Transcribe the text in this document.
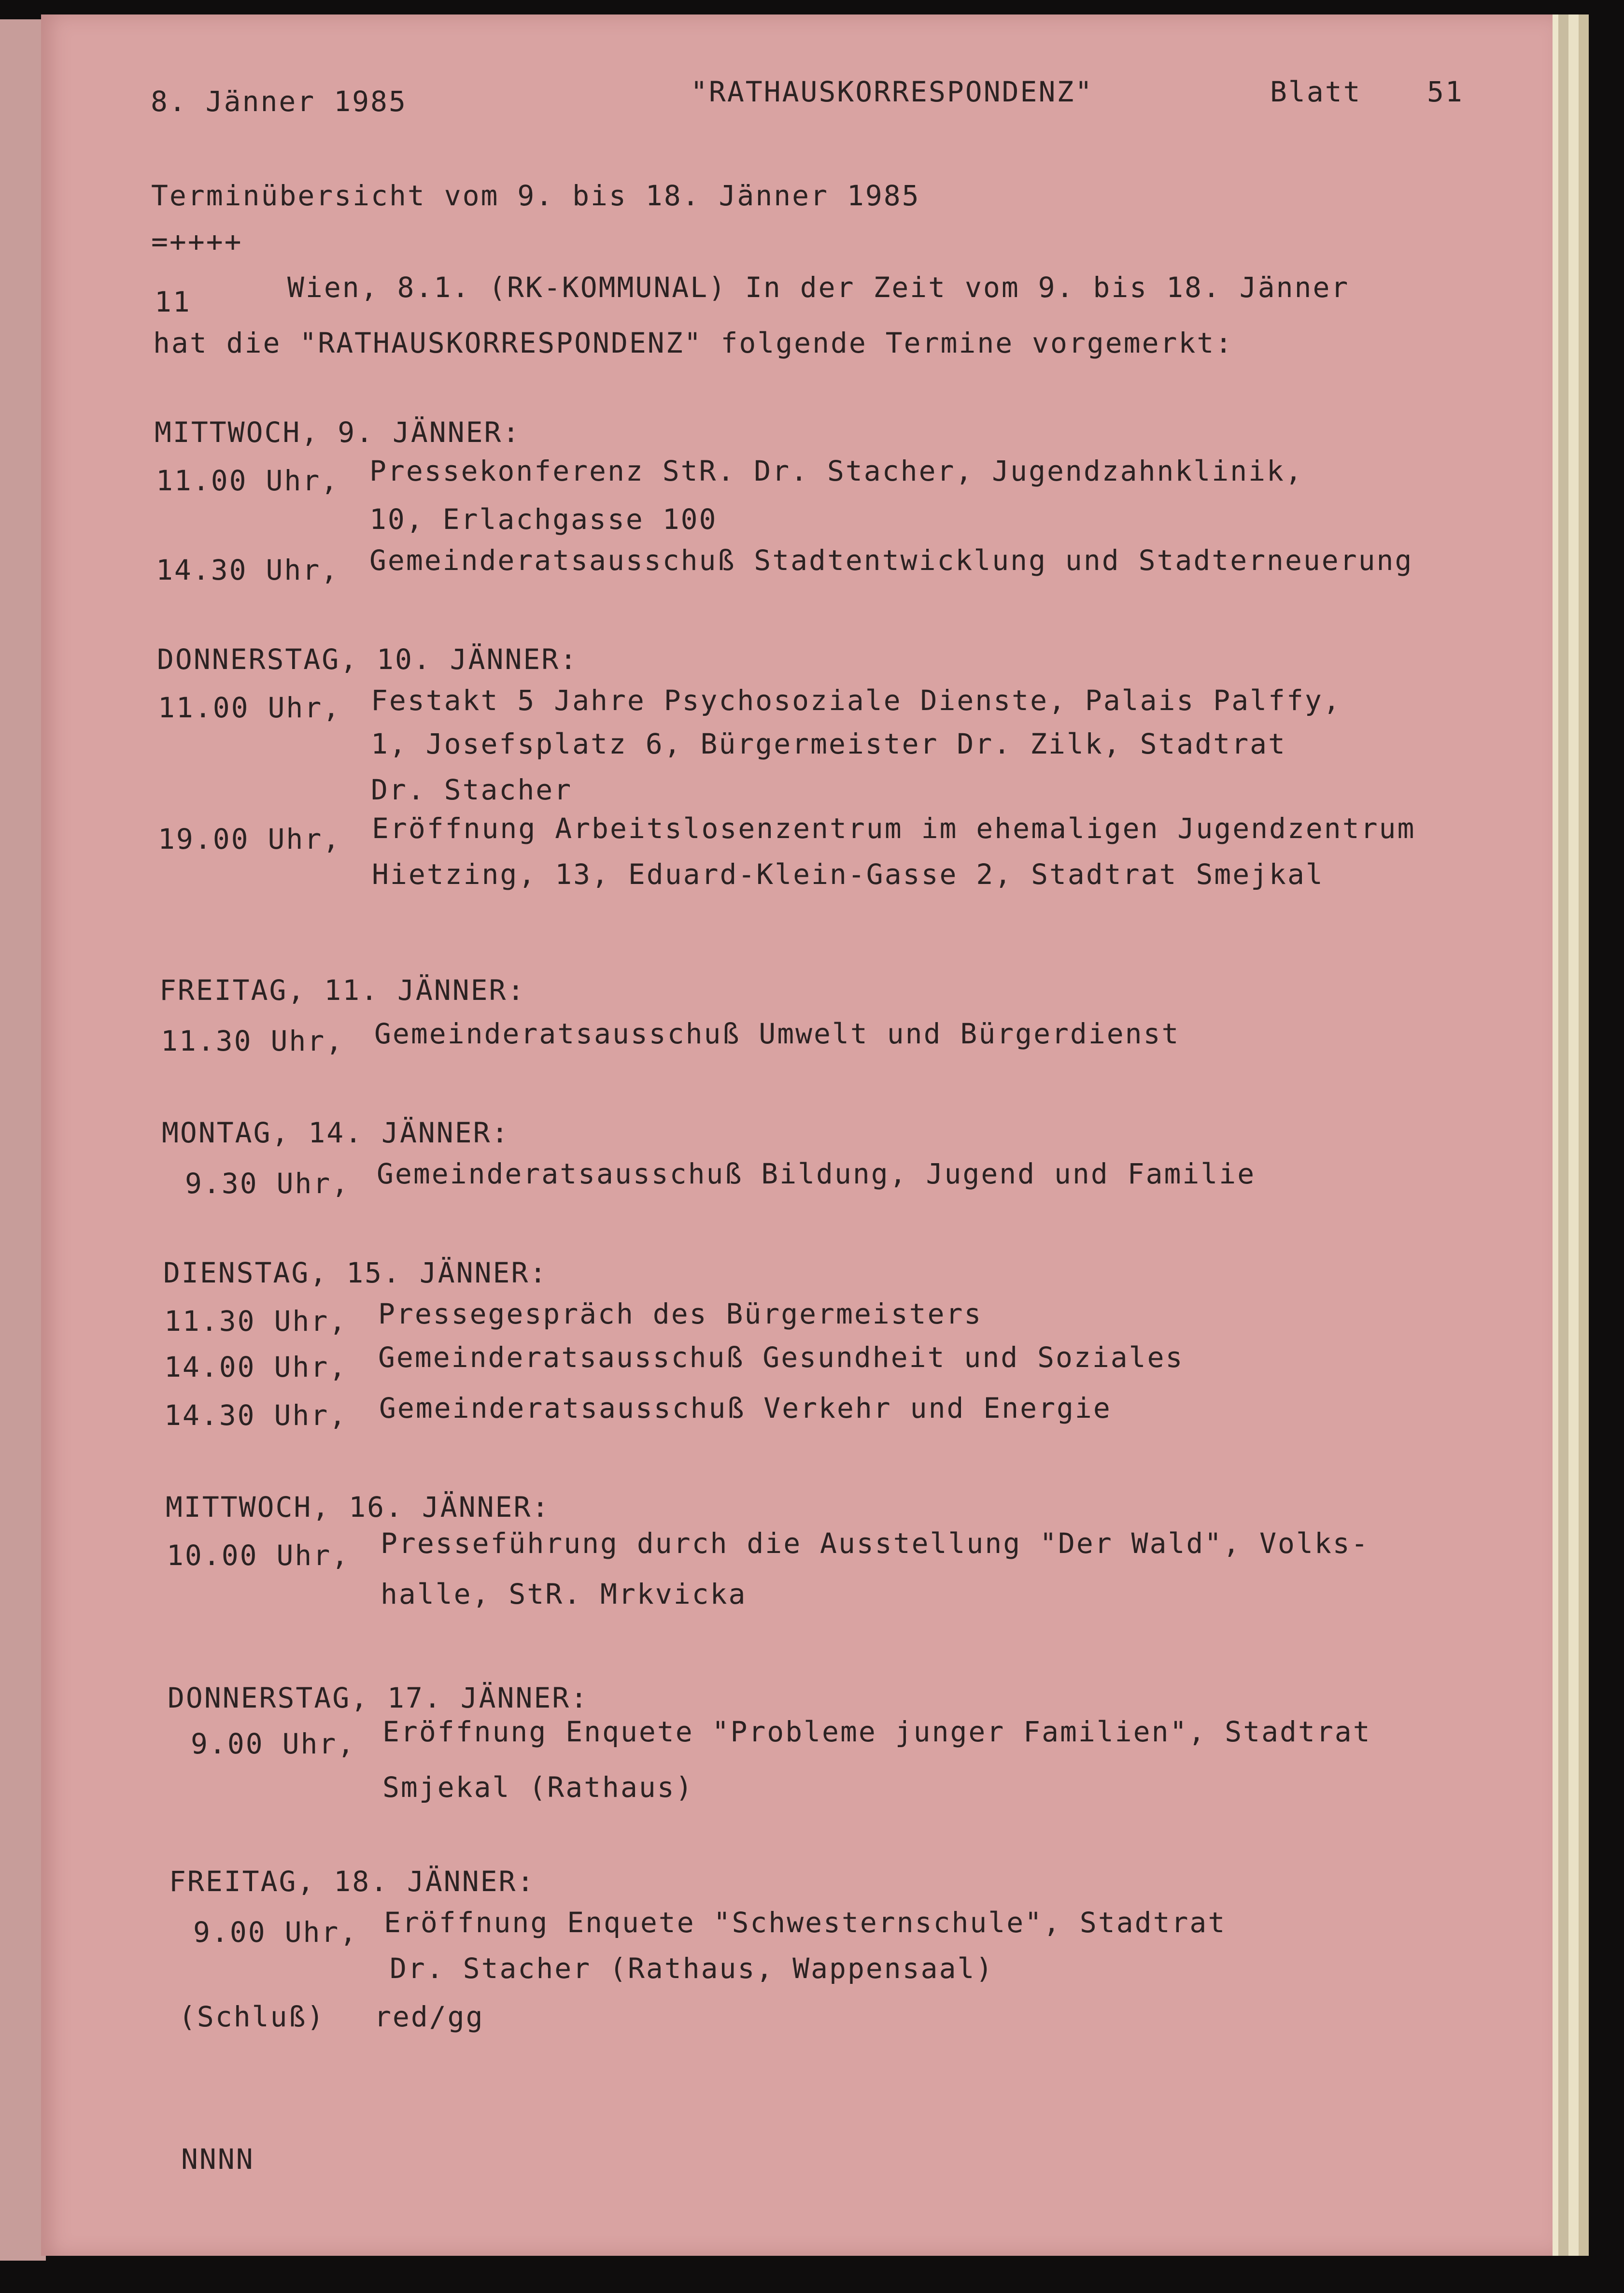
8. Jänner 1985	"RATHAUSKORRESPONDENZ"	Blatt 51
Terminübersicht vom 9. bis 18. Jänner 1985
=++++
11	Wien, 8.1. (RK-KOMMUNAL) In der Zeit vom 9. bis 18. Jänner
hat die "RATHAUSKORRESPONDENZ" folgende Termine vorgemerkt:
MITTWOCH, 9. JÄNNER:
11.00 Uhr, Pressekonferenz StR. Dr. Stacher, Jugendzahnklinik,
10, Erlachgasse 100
14.30 Uhr, Gemeinderatsausschuß Stadtentwicklung und Stadterneuerung
DONNERSTAG, 10. JÄNNER:
11.00 Uhr, Festakt 5 Jahre Psychosoziale Dienste, Palais Palffy,
1, Josefsplatz 6, Bürgermeister Dr. Zilk, Stadtrat
Dr. Stacher
19.00 Uhr, Eröffnung Arbeitslosenzentrum im ehemaligen Jugendzentrum
Hietzing, 13, Eduard-Klein-Gasse 2, Stadtrat Smejkal
FREITAG, 11. JÄNNER:
11.30 Uhr, Gemeinderatsausschuß Umwelt und Bürgerdienst
MONTAG, 14. JÄNNER:
9.30 Uhr, Gemeinderatsausschuß Bildung, Jugend und Familie
DIENSTAG, 15. JÄNNER:
11.30 Uhr, Pressegespräch des Bürgermeisters
14.00 Uhr, Gemeinderatsausschuß Gesundheit und Soziales
14.30 Uhr, Gemeinderatsausschuß Verkehr und Energie
MITTWOCH, 16. JÄNNER:
10.00 Uhr, Presseführung durch die Ausstellung "Der Wald", Volks-
halle, StR. Mrkvicka
DONNERSTAG, 17. JÄNNER:
9.00 Uhr, Eröffnung Enquete "Probleme junger Familien", Stadtrat
Smjekal (Rathaus)
FREITAG, 18. JÄNNER:
9.00 Uhr, Eröffnung Enquete "Schwesternschule", Stadtrat
Dr. Stacher (Rathaus, Wappensaal)
(Schluß) red/gg
NNNN
